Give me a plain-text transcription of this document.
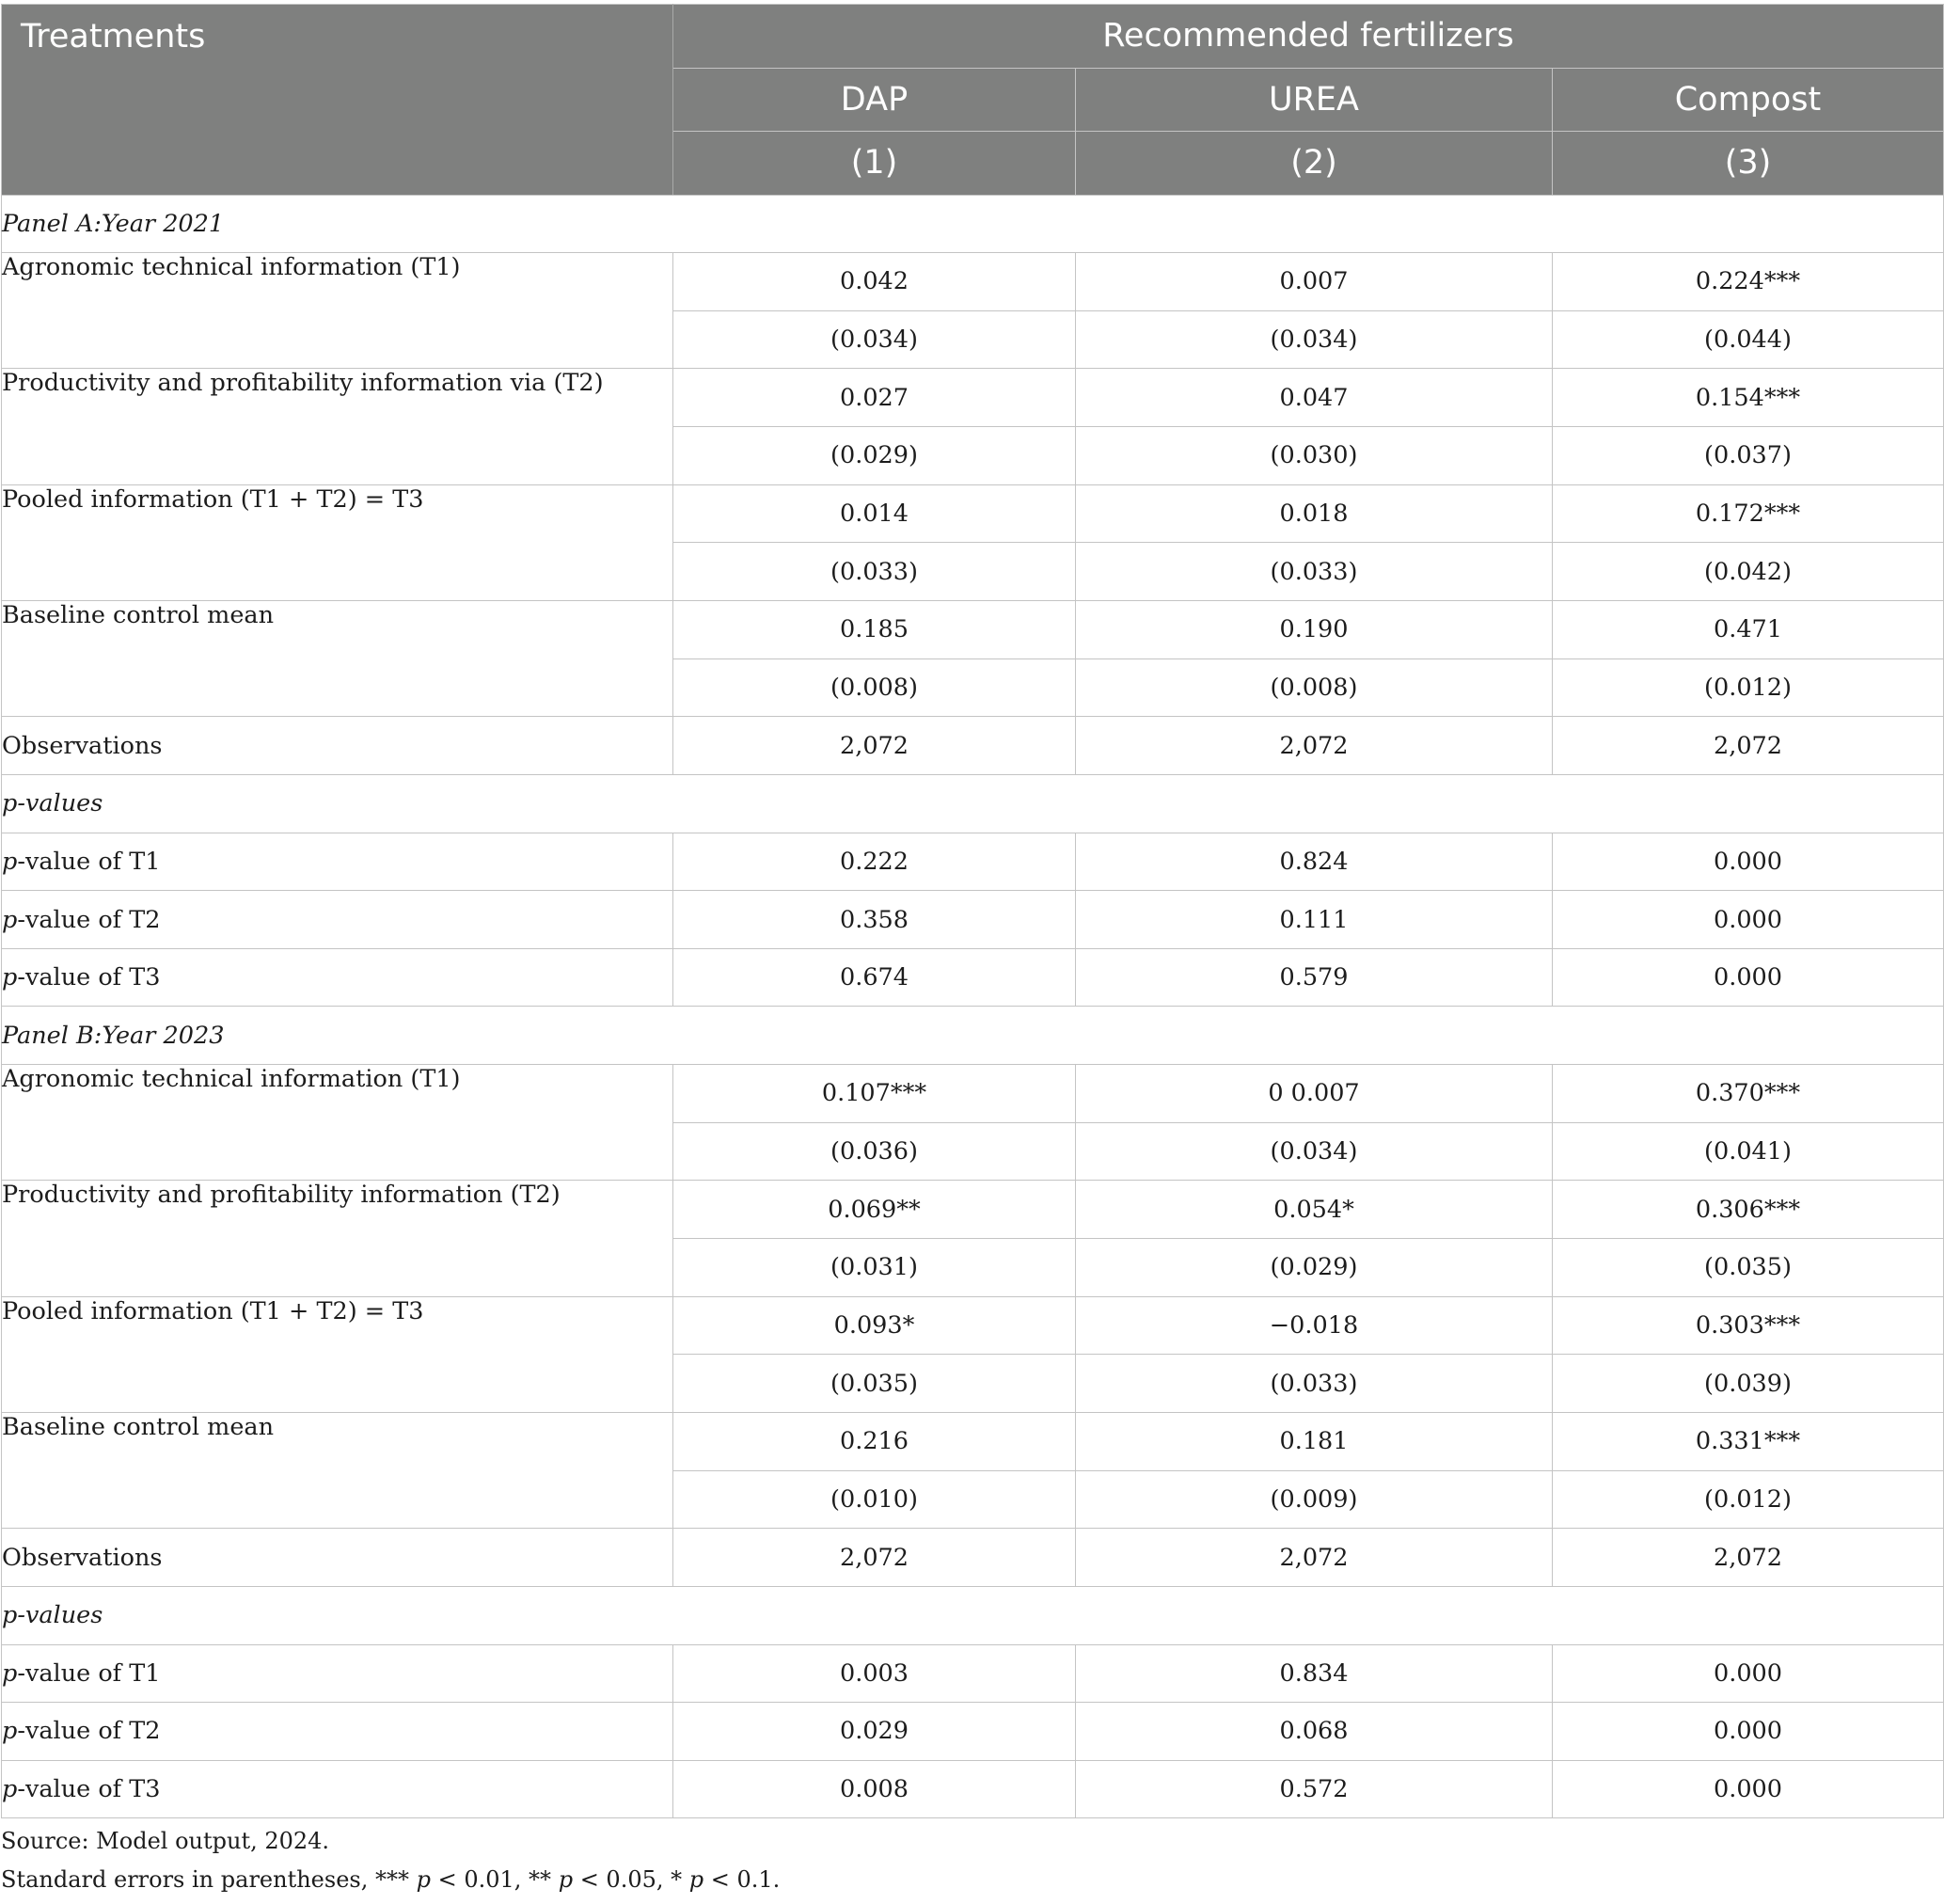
Treatments	Recommended fertilizers		
	DAP	UREA	Compost
	(1)	(2)	(3)
Panel A:Year 2021			
Agronomic technical information (T1)	0.042	0.007	0.224***
	(0.034)	(0.034)	(0.044)
Productivity and profitability information via (T2)	0.027	0.047	0.154***
	(0.029)	(0.030)	(0.037)
Pooled information (T1 + T2) = T3	0.014	0.018	0.172***
	(0.033)	(0.033)	(0.042)
Baseline control mean	0.185	0.190	0.471
	(0.008)	(0.008)	(0.012)
Observations	2,072	2,072	2,072
p-values			
p-value of T1	0.222	0.824	0.000
p-value of T2	0.358	0.111	0.000
p-value of T3	0.674	0.579	0.000
Panel B:Year 2023			
Agronomic technical information (T1)	0.107***	0 0.007	0.370***
	(0.036)	(0.034)	(0.041)
Productivity and profitability information (T2)	0.069**	0.054*	0.306***
	(0.031)	(0.029)	(0.035)
Pooled information (T1 + T2) = T3	0.093*	−0.018	0.303***
	(0.035)	(0.033)	(0.039)
Baseline control mean	0.216	0.181	0.331***
	(0.010)	(0.009)	(0.012)
Observations	2,072	2,072	2,072
p-values			
p-value of T1	0.003	0.834	0.000
p-value of T2	0.029	0.068	0.000
p-value of T3	0.008	0.572	0.000
Source: Model output, 2024.
Standard errors in parentheses, *** p < 0.01, ** p < 0.05, * p < 0.1.
